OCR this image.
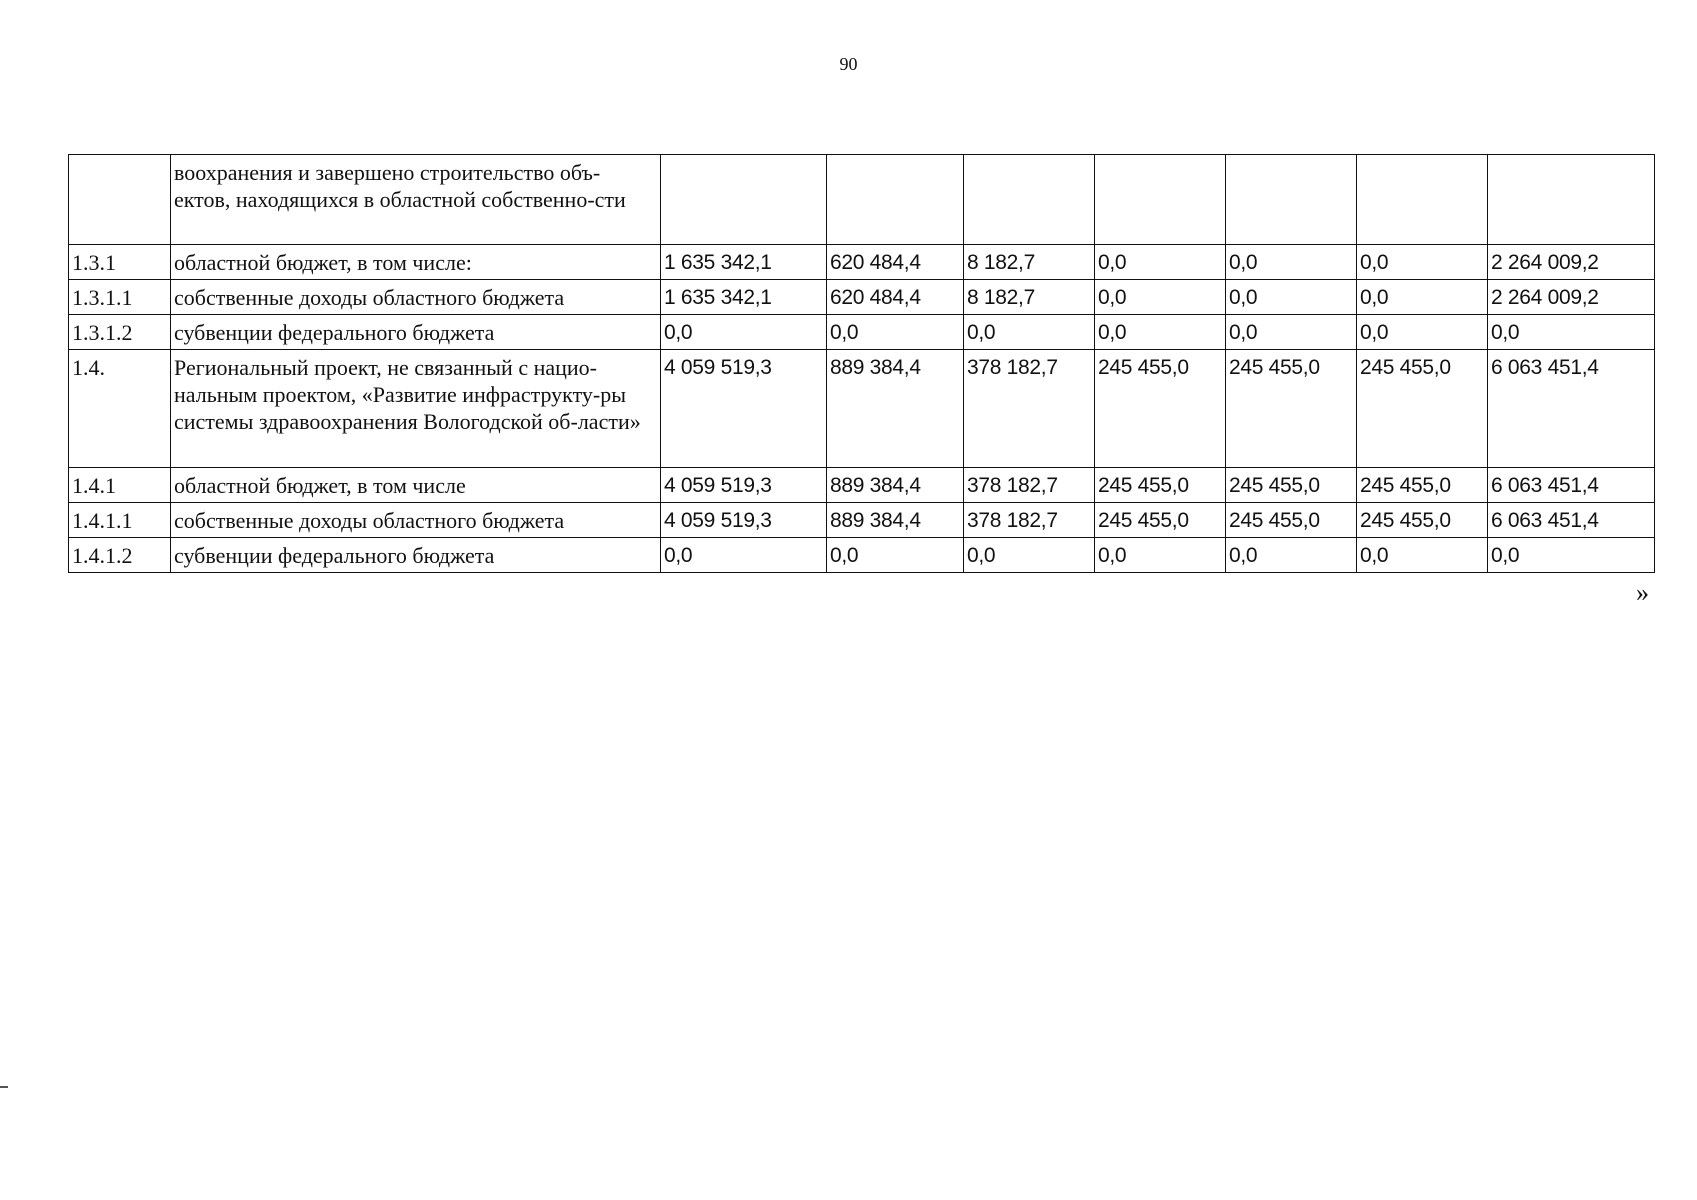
90
	воохранения и завершено строительство объ-ектов, находящихся в областной собственно-сти							
1.3.1	областной бюджет, в том числе:	1 635 342,1	620 484,4	8 182,7	0,0	0,0	0,0	2 264 009,2
1.3.1.1	собственные доходы областного бюджета	1 635 342,1	620 484,4	8 182,7	0,0	0,0	0,0	2 264 009,2
1.3.1.2	субвенции федерального бюджета	0,0	0,0	0,0	0,0	0,0	0,0	0,0
1.4.	Региональный проект, не связанный с нацио-нальным проектом, «Развитие инфраструкту-ры системы здравоохранения Вологодской об-ласти»	4 059 519,3	889 384,4	378 182,7	245 455,0	245 455,0	245 455,0	6 063 451,4
1.4.1	областной бюджет, в том числе	4 059 519,3	889 384,4	378 182,7	245 455,0	245 455,0	245 455,0	6 063 451,4
1.4.1.1	собственные доходы областного бюджета	4 059 519,3	889 384,4	378 182,7	245 455,0	245 455,0	245 455,0	6 063 451,4
1.4.1.2	субвенции федерального бюджета	0,0	0,0	0,0	0,0	0,0	0,0	0,0
»
